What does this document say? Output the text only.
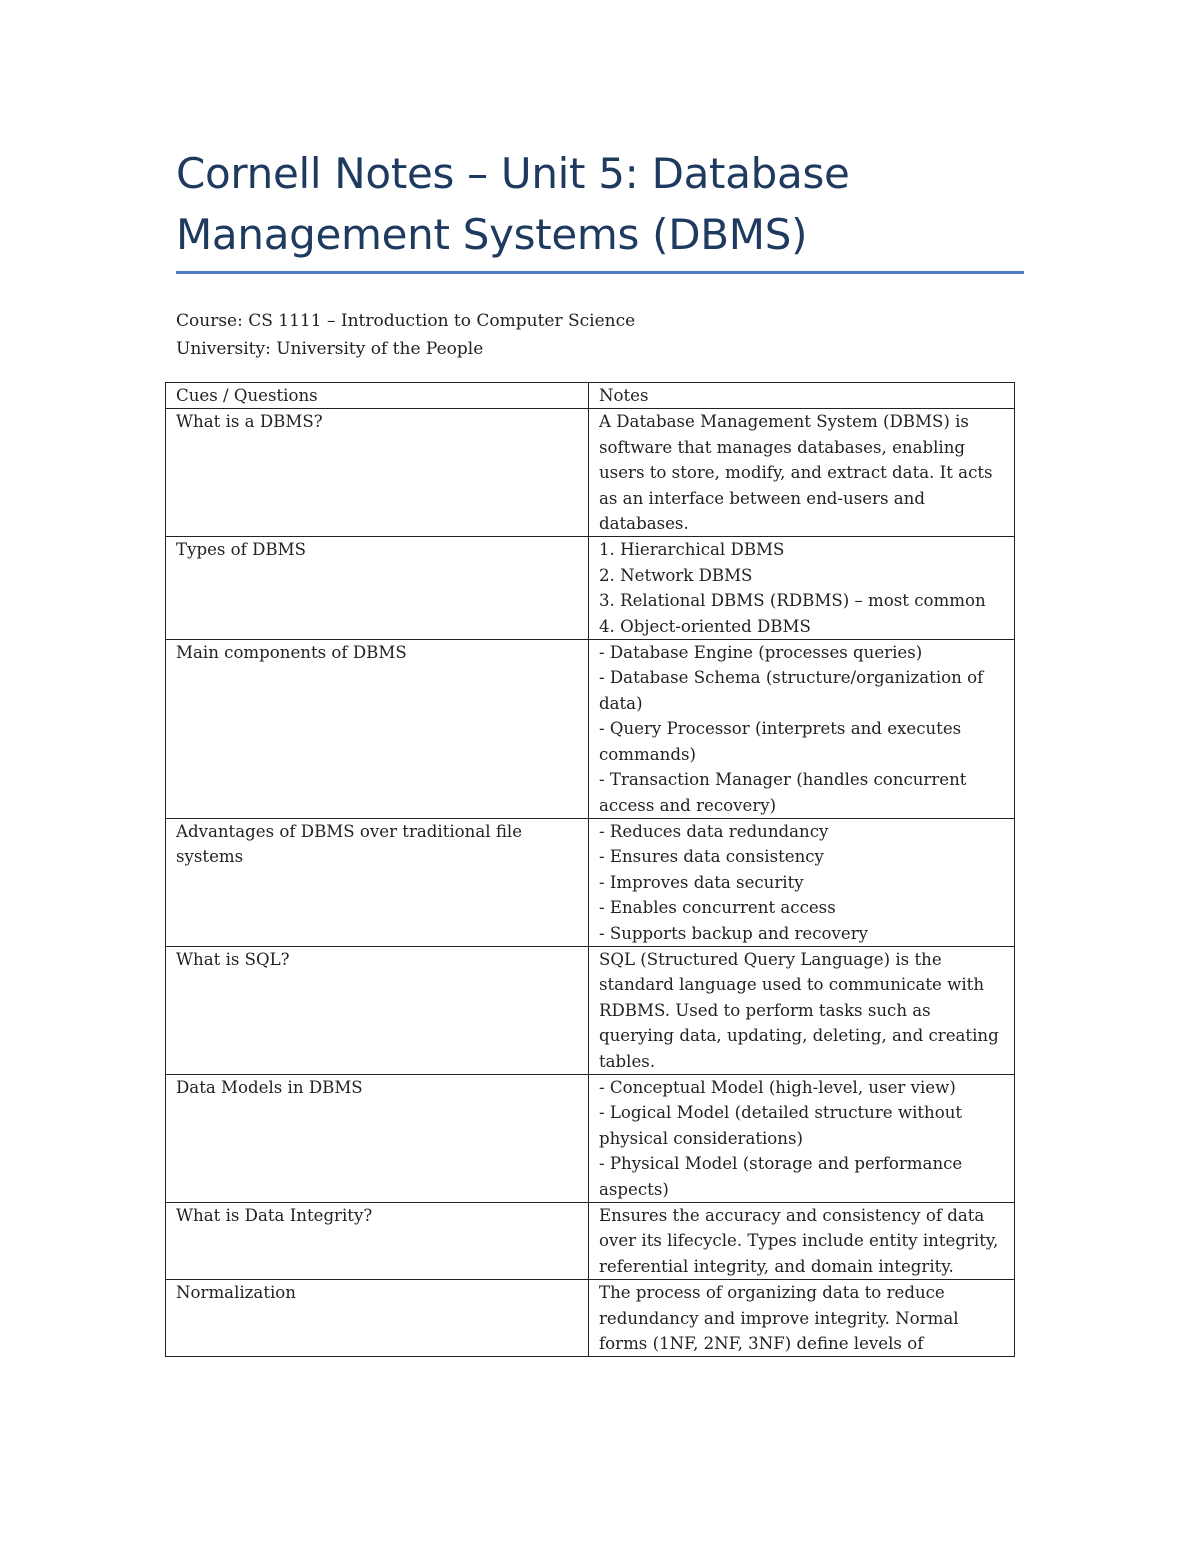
Cornell Notes – Unit 5: Database Management Systems (DBMS)
Course: CS 1111 – Introduction to Computer Science
University: University of the People
Cues / Questions	Notes
What is a DBMS?	A Database Management System (DBMS) is software that manages databases, enabling users to store, modify, and extract data. It acts as an interface between end-users and databases.

Types of DBMS	1. Hierarchical DBMS
2. Network DBMS
3. Relational DBMS (RDBMS) – most common
4. Object-oriented DBMS

Main components of DBMS	- Database Engine (processes queries)
- Database Schema (structure/organization of data)
- Query Processor (interprets and executes commands)
- Transaction Manager (handles concurrent access and recovery)

Advantages of DBMS over traditional file systems	- Reduces data redundancy
- Ensures data consistency
- Improves data security
- Enables concurrent access
- Supports backup and recovery

What is SQL?	SQL (Structured Query Language) is the standard language used to communicate with RDBMS. Used to perform tasks such as querying data, updating, deleting, and creating tables.

Data Models in DBMS	- Conceptual Model (high-level, user view)
- Logical Model (detailed structure without physical considerations)
- Physical Model (storage and performance aspects)

What is Data Integrity?	Ensures the accuracy and consistency of data over its lifecycle. Types include entity integrity, referential integrity, and domain integrity.

Normalization	The process of organizing data to reduce redundancy and improve integrity. Normal forms (1NF, 2NF, 3NF) define levels of
